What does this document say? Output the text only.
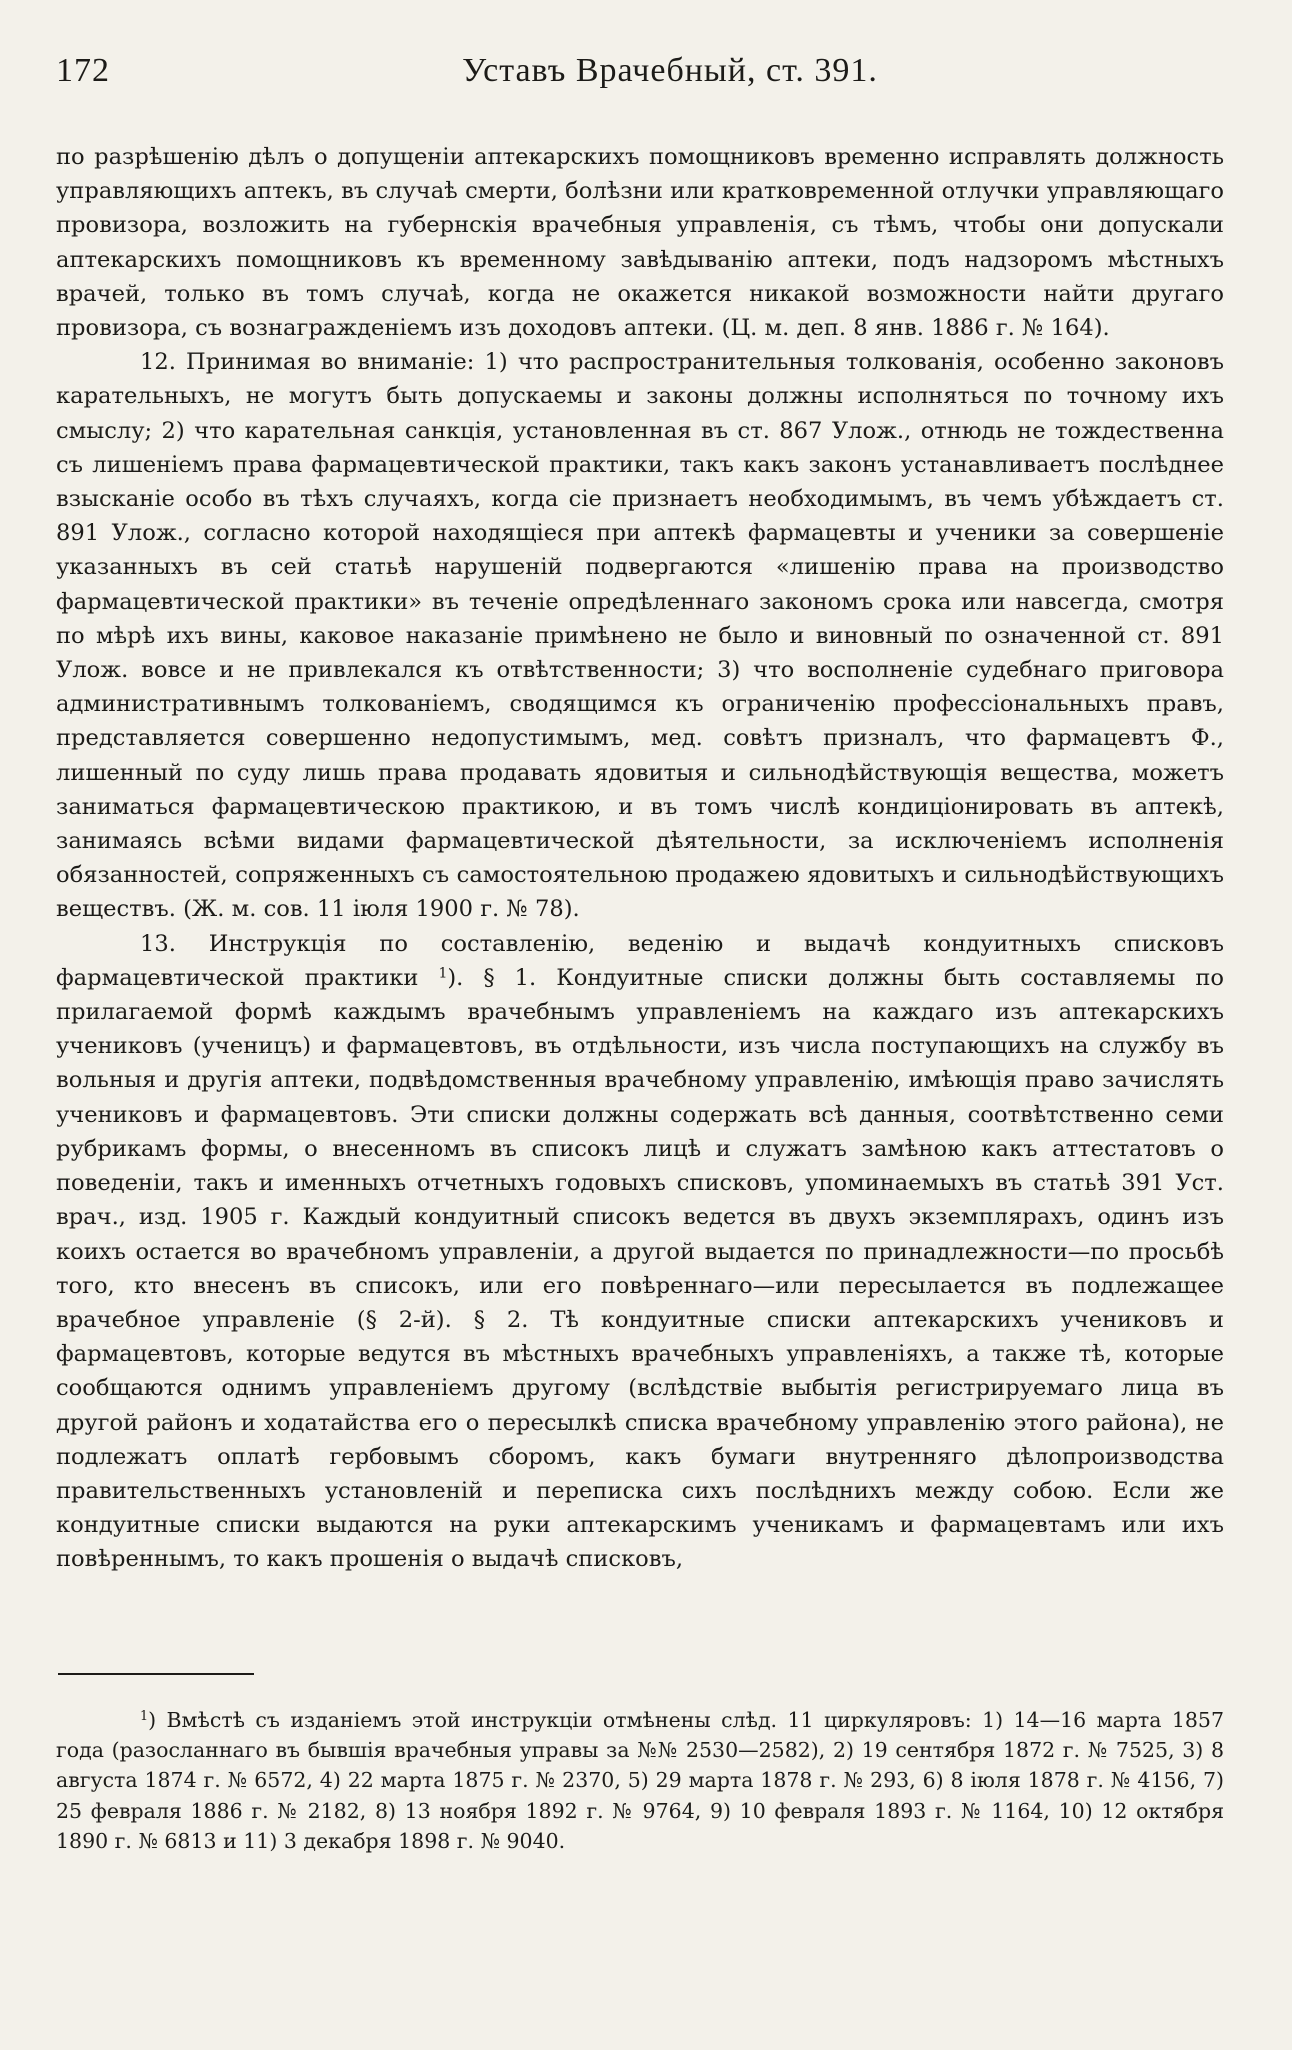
172	Уставъ Врачебный, ст. 391.

по разрѣшенію дѣлъ о допущеніи аптекарскихъ помощниковъ временно исправлять должность управляющихъ аптекъ, въ случаѣ смерти, болѣзни или кратковременной отлучки управляющаго провизора, возложить на губернскія врачебныя управленія, съ тѣмъ, чтобы они допускали аптекарскихъ помощниковъ къ временному завѣдыванію аптеки, подъ надзоромъ мѣстныхъ врачей, только въ томъ случаѣ, когда не окажется никакой возможности найти другаго провизора, съ вознагражденіемъ изъ доходовъ аптеки. (Ц. м. деп. 8 янв. 1886 г. № 164).

12. Принимая во вниманіе: 1) что распространительныя толкованія, особенно законовъ карательныхъ, не могутъ быть допускаемы и законы должны исполняться по точному ихъ смыслу; 2) что карательная санкція, установленная въ ст. 867 Улож., отнюдь не тождественна съ лишеніемъ права фармацевтической практики, такъ какъ законъ устанавливаетъ послѣднее взысканіе особо въ тѣхъ случаяхъ, когда сіе признаетъ необходимымъ, въ чемъ убѣждаетъ ст. 891 Улож., согласно которой находящіеся при аптекѣ фармацевты и ученики за совершеніе указанныхъ въ сей статьѣ нарушеній подвергаются «лишенію права на производство фармацевтической практики» въ теченіе опредѣленнаго закономъ срока или навсегда, смотря по мѣрѣ ихъ вины, каковое наказаніе примѣнено не было и виновный по означенной ст. 891 Улож. вовсе и не привлекался къ отвѣтственности; 3) что восполненіе судебнаго приговора административнымъ толкованіемъ, сводящимся къ ограниченію профессіональныхъ правъ, представляется совершенно недопустимымъ, мед. совѣтъ призналъ, что фармацевтъ Ф., лишенный по суду лишь права продавать ядовитыя и сильнодѣйствующія вещества, можетъ заниматься фармацевтическою практикою, и въ томъ числѣ кондиціонировать въ аптекѣ, занимаясь всѣми видами фармацевтической дѣятельности, за исключеніемъ исполненія обязанностей, сопряженныхъ съ самостоятельною продажею ядовитыхъ и сильнодѣйствующихъ веществъ. (Ж. м. сов. 11 іюля 1900 г. № 78).

13. Инструкція по составленію, веденію и выдачѣ кондуитныхъ списковъ фармацевтической практики $^1$). § 1. Кондуитные списки должны быть составляемы по прилагаемой формѣ каждымъ врачебнымъ управленіемъ на каждаго изъ аптекарскихъ учениковъ (ученицъ) и фармацевтовъ, въ отдѣльности, изъ числа поступающихъ на службу въ вольныя и другія аптеки, подвѣдомственныя врачебному управленію, имѣющія право зачислять учениковъ и фармацевтовъ. Эти списки должны содержать всѣ данныя, соотвѣтственно семи рубрикамъ формы, о внесенномъ въ списокъ лицѣ и служатъ замѣною какъ аттестатовъ о поведеніи, такъ и именныхъ отчетныхъ годовыхъ списковъ, упоминаемыхъ въ статьѣ 391 Уст. врач., изд. 1905 г. Каждый кондуитный списокъ ведется въ двухъ экземплярахъ, одинъ изъ коихъ остается во врачебномъ управленіи, а другой выдается по принадлежности—по просьбѣ того, кто внесенъ въ списокъ, или его повѣреннаго—или пересылается въ подлежащее врачебное управленіе (§ 2-й). § 2. Тѣ кондуитные списки аптекарскихъ учениковъ и фармацевтовъ, которые ведутся въ мѣстныхъ врачебныхъ управленіяхъ, а также тѣ, которые сообщаются однимъ управленіемъ другому (вслѣдствіе выбытія регистрируемаго лица въ другой районъ и ходатайства его о пересылкѣ списка врачебному управленію этого района), не подлежатъ оплатѣ гербовымъ сборомъ, какъ бумаги внутренняго дѣлопроизводства правительственныхъ установленій и переписка сихъ послѣднихъ между собою. Если же кондуитные списки выдаются на руки аптекарскимъ ученикамъ и фармацевтамъ или ихъ повѣреннымъ, то какъ прошенія о выдачѣ списковъ,

$^1$) Вмѣстѣ съ изданіемъ этой инструкціи отмѣнены слѣд. 11 циркуляровъ: 1) 14—16 марта 1857 года (разосланнаго въ бывшія врачебныя управы за №№ 2530—2582), 2) 19 сентября 1872 г. № 7525, 3) 8 августа 1874 г. № 6572, 4) 22 марта 1875 г. № 2370, 5) 29 марта 1878 г. № 293, 6) 8 іюля 1878 г. № 4156, 7) 25 февраля 1886 г. № 2182, 8) 13 ноября 1892 г. № 9764, 9) 10 февраля 1893 г. № 1164, 10) 12 октября 1890 г. № 6813 и 11) 3 декабря 1898 г. № 9040.
